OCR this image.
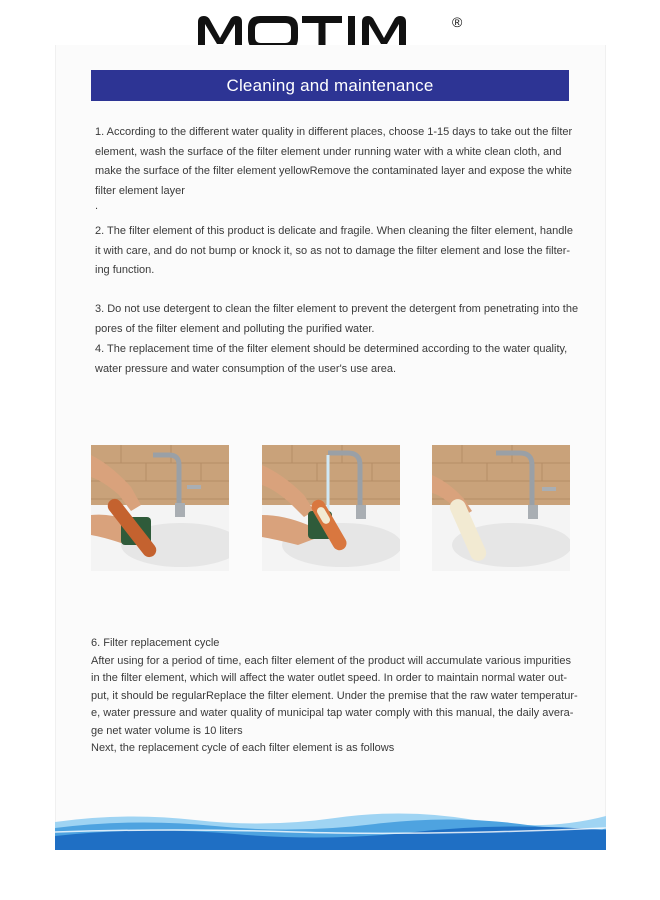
®
Cleaning and maintenance
1. According to the different water quality in different places, choose 1-15 days to take out the filter
element, wash the surface of the filter element under running water with a white clean cloth, and
make the surface of the filter element yellowRemove the contaminated layer and expose the white
filter element layer
.
2. The filter element of this product is delicate and fragile. When cleaning the filter element, handle
it with care, and do not bump or knock it, so as not to damage the filter element and lose the filter-
ing function.
3. Do not use detergent to clean the filter element to prevent the detergent from penetrating into the
pores of the filter element and polluting the purified water.
4. The replacement time of the filter element should be determined according to the water quality,
water pressure and water consumption of the user's use area.
6. Filter replacement cycle
After using for a period of time, each filter element of the product will accumulate various impurities
in the filter element, which will affect the water outlet speed. In order to maintain normal water out-
put, it should be regularReplace the filter element. Under the premise that the raw water temperatur-
e, water pressure and water quality of municipal tap water comply with this manual, the daily avera-
ge net water volume is 10 liters
Next, the replacement cycle of each filter element is as follows
